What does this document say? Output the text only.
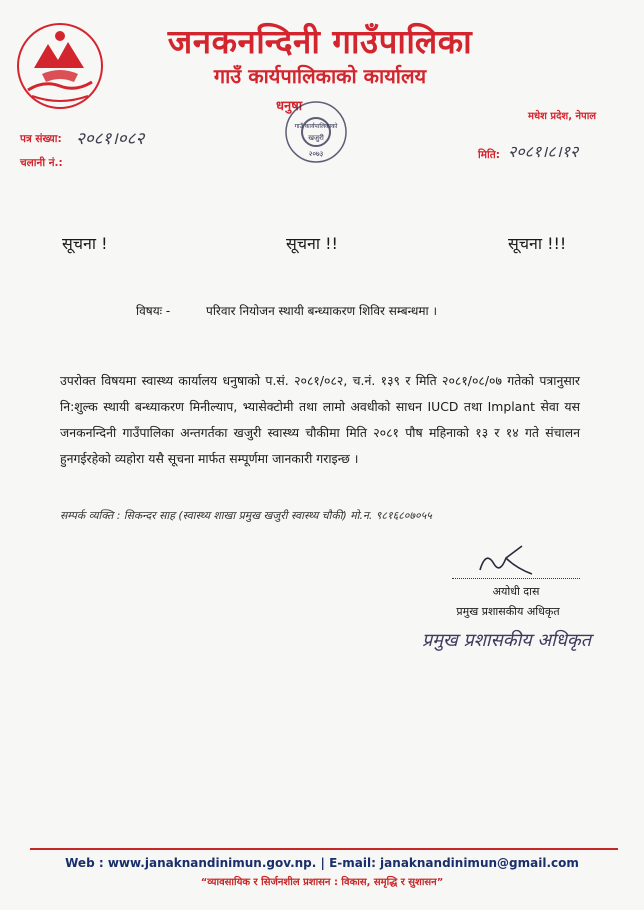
जनकनन्दिनी गाउँपालिका
गाउँ कार्यपालिकाको कार्यालय
धनुषा
मधेश प्रदेश, नेपाल
गाउँ कार्यपालिकाको
खजुरी
२०७३
पत्र संख्या: २०८१।०८२
चलानी नं.:
मिति: २०८१।८।१२
सूचना !	सूचना !!	सूचना !!!
विषयः -	परिवार नियोजन स्थायी बन्ध्याकरण शिविर सम्बन्धमा ।
उपरोक्त विषयमा स्वास्थ्य कार्यालय धनुषाको प.सं. २०८१/०८२, च.नं. १३९ र मिति २०८१/०८/०७ गतेको पत्रानुसार नि:शुल्क स्थायी बन्ध्याकरण मिनील्याप, भ्यासेक्टोमी तथा लामो अवधीको साधन IUCD तथा Implant सेवा यस जनकनन्दिनी गाउँपालिका अन्तगर्तका खजुरी स्वास्थ्य चौकीमा मिति २०८१ पौष महिनाको १३ र १४ गते संचालन हुनगईरहेको व्यहोरा यसै सूचना मार्फत सम्पूर्णमा जानकारी गराइन्छ ।
सम्पर्क व्यक्ति : सिकन्दर साह (स्वास्थ्य शाखा प्रमुख खजुरी स्वास्थ्य चौकी) मो.न. ९८१६८०७०५५
अयोधी दास
प्रमुख प्रशासकीय अधिकृत
प्रमुख प्रशासकीय अधिकृत
Web : www.janaknandinimun.gov.np. | E-mail: janaknandinimun@gmail.com
“व्यावसायिक र सिर्जनशील प्रशासन : विकास, समृद्धि र सुशासन”
